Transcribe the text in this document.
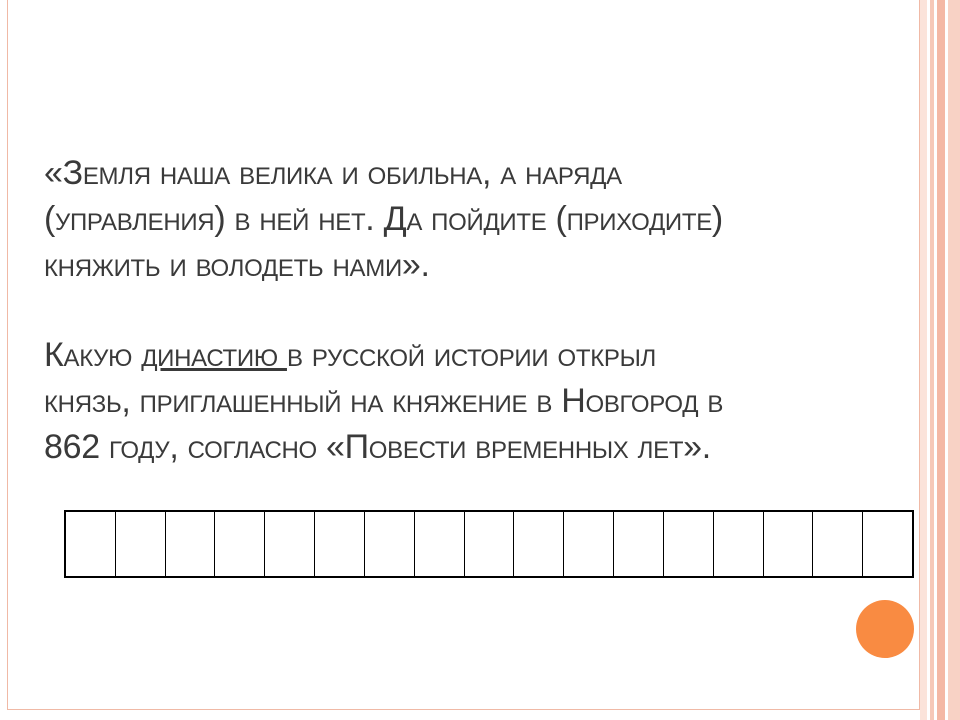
«Земля наша велика и обильна, а наряда
(управления) в ней нет. Да пойдите (приходите)
княжить и володеть нами».

Какую династию в русской истории открыл
князь, приглашенный на княжение в Новгород в
862 году, согласно «Повести временных лет».
